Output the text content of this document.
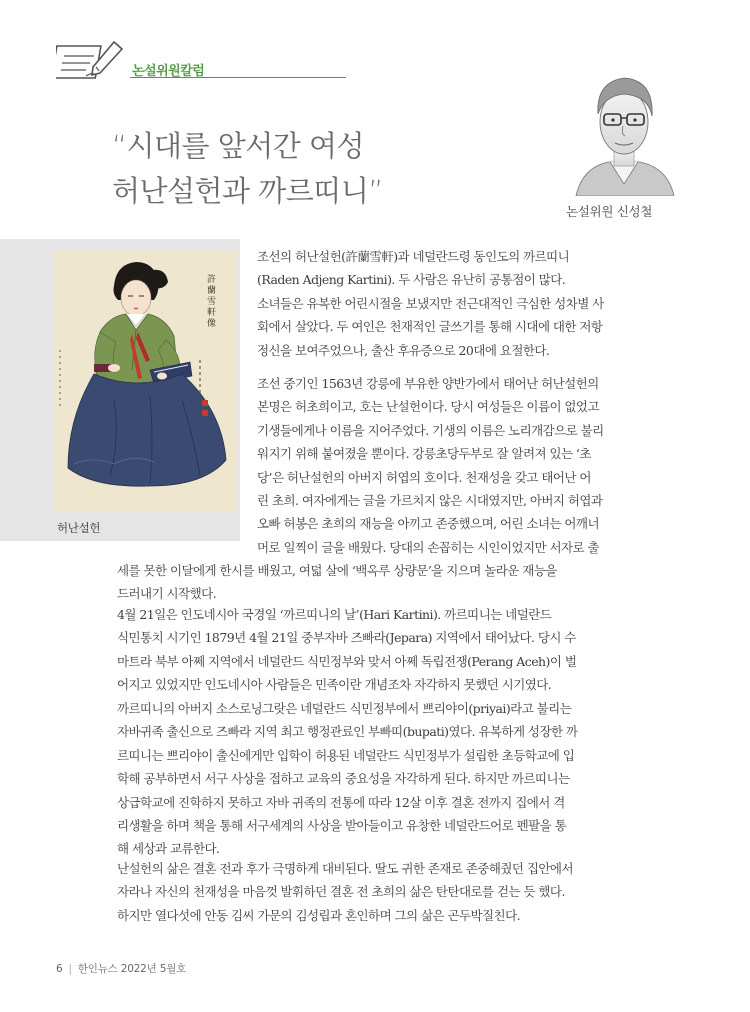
논설위원칼럼
“시대를 앞서간 여성
허난설헌과 까르띠니”
논설위원 신성철
許蘭雪軒像
허난설헌
조선의 허난설헌(許蘭雪軒)과 네덜란드령 동인도의 까르띠니
(Raden Adjeng Kartini). 두 사람은 유난히 공통점이 많다.
소녀들은 유복한 어린시절을 보냈지만 전근대적인 극심한 성차별 사
회에서 살았다. 두 여인은 천재적인 글쓰기를 통해 시대에 대한 저항
정신을 보여주었으나, 출산 후유증으로 20대에 요절한다.
조선 중기인 1563년 강릉에 부유한 양반가에서 태어난 허난설헌의
본명은 허초희이고, 호는 난설헌이다. 당시 여성들은 이름이 없었고
기생들에게나 이름을 지어주었다. 기생의 이름은 노리개감으로 불리
워지기 위해 붙여졌을 뿐이다. 강릉초당두부로 잘 알려져 있는 ‘초
당’은 허난설헌의 아버지 허엽의 호이다. 천재성을 갖고 태어난 어
린 초희. 여자에게는 글을 가르치지 않은 시대였지만, 아버지 허엽과
오빠 허봉은 초희의 재능을 아끼고 존중했으며, 어린 소녀는 어깨너
머로 일찍이 글을 배웠다. 당대의 손꼽히는 시인이었지만 서자로 출
세를 못한 이달에게 한시를 배웠고, 여덟 살에 ‘백옥루 상량문’을 지으며 놀라운 재능을
드러내기 시작했다.
4월 21일은 인도네시아 국경일 ‘까르띠니의 날’(Hari Kartini). 까르띠니는 네덜란드
식민통치 시기인 1879년 4월 21일 중부자바 즈빠라(Jepara) 지역에서 태어났다. 당시 수
마트라 북부 아쩨 지역에서 네덜란드 식민정부와 맞서 아쩨 독립전쟁(Perang Aceh)이 벌
어지고 있었지만 인도네시아 사람들은 민족이란 개념조차 자각하지 못했던 시기였다.
까르띠니의 아버지 소스로닝그랏은 네덜란드 식민정부에서 쁘리야이(priyai)라고 불리는
자바귀족 출신으로 즈빠라 지역 최고 행정관료인 부빠띠(bupati)였다. 유복하게 성장한 까
르띠니는 쁘리야이 출신에게만 입학이 허용된 네덜란드 식민정부가 설립한 초등학교에 입
학해 공부하면서 서구 사상을 접하고 교육의 중요성을 자각하게 된다. 하지만 까르띠니는
상급학교에 진학하지 못하고 자바 귀족의 전통에 따라 12살 이후 결혼 전까지 집에서 격
리생활을 하며 책을 통해 서구세계의 사상을 받아들이고 유창한 네덜란드어로 펜팔을 통
해 세상과 교류한다.
난설헌의 삶은 결혼 전과 후가 극명하게 대비된다. 딸도 귀한 존재로 존중해줬던 집안에서
자라나 자신의 천재성을 마음껏 발휘하던 결혼 전 초희의 삶은 탄탄대로를 걷는 듯 했다.
하지만 열다섯에 안동 김씨 가문의 김성립과 혼인하며 그의 삶은 곤두박질친다.
6 | 한인뉴스 2022년 5월호
